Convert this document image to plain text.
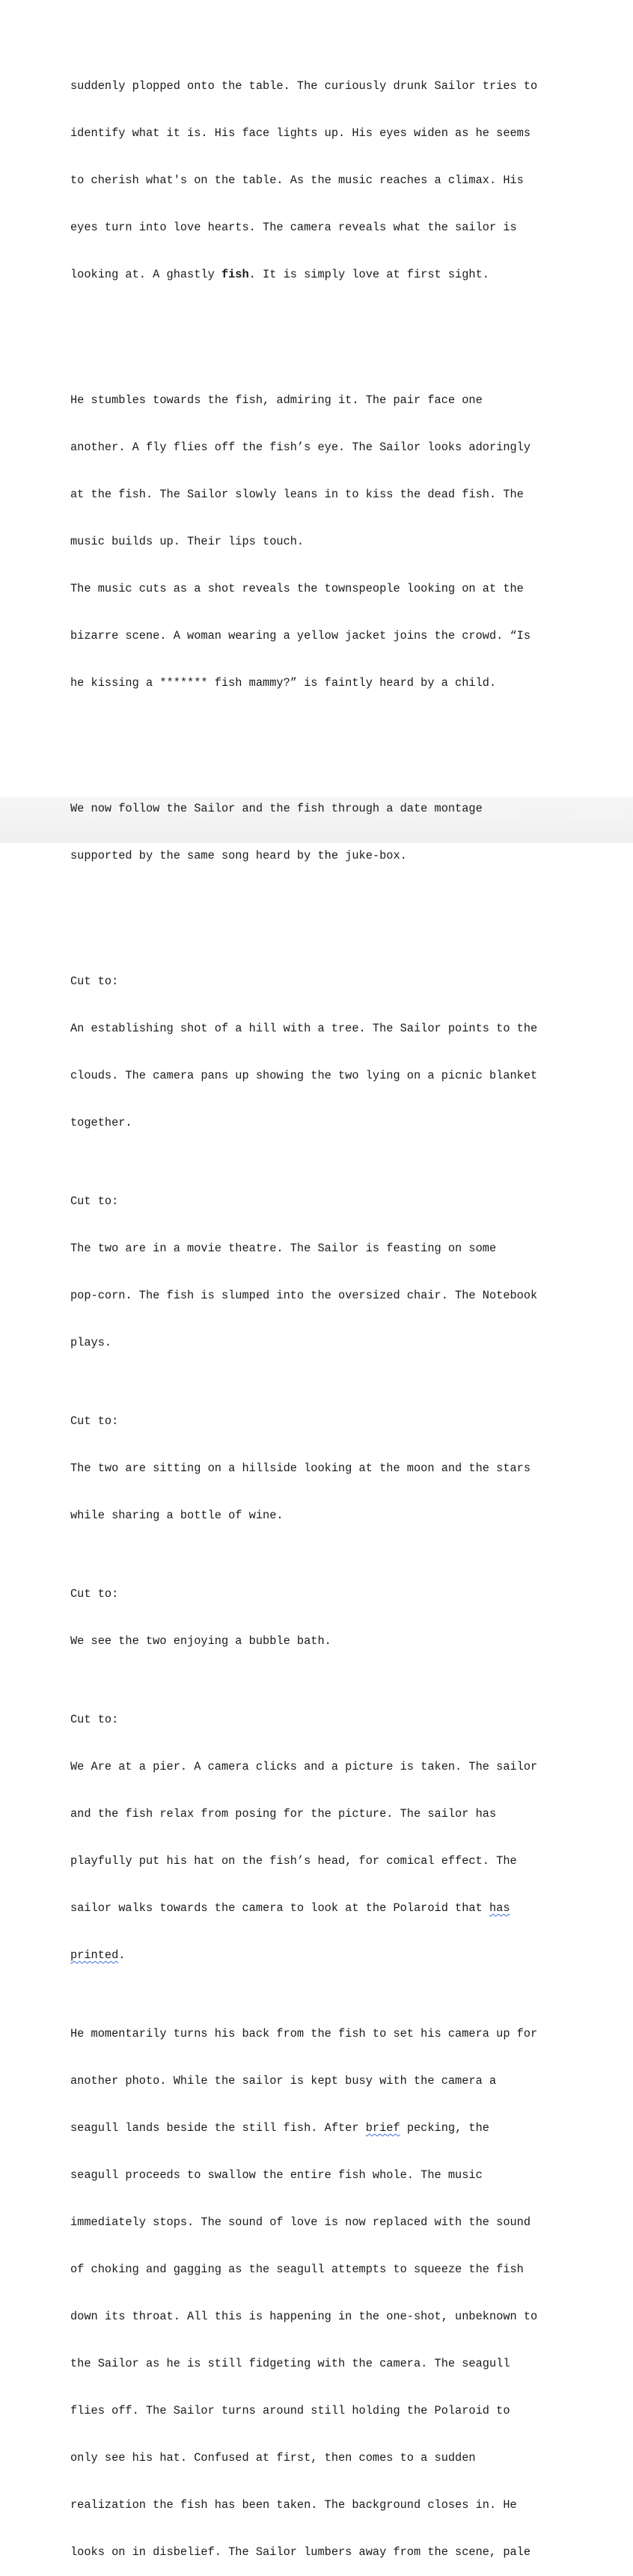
suddenly plopped onto the table. The curiously drunk Sailor tries to

identify what it is. His face lights up. His eyes widen as he seems

to cherish what's on the table. As the music reaches a climax. His

eyes turn into love hearts. The camera reveals what the sailor is

looking at. A ghastly fish. It is simply love at first sight.

He stumbles towards the fish, admiring it. The pair face one

another. A fly flies off the fish’s eye. The Sailor looks adoringly

at the fish. The Sailor slowly leans in to kiss the dead fish. The

music builds up. Their lips touch.

The music cuts as a shot reveals the townspeople looking on at the

bizarre scene. A woman wearing a yellow jacket joins the crowd. “Is

he kissing a ******* fish mammy?” is faintly heard by a child.

We now follow the Sailor and the fish through a date montage

supported by the same song heard by the juke-box.

Cut to:

An establishing shot of a hill with a tree. The Sailor points to the

clouds. The camera pans up showing the two lying on a picnic blanket

together.

Cut to:

The two are in a movie theatre. The Sailor is feasting on some

pop-corn. The fish is slumped into the oversized chair. The Notebook

plays.

Cut to:

The two are sitting on a hillside looking at the moon and the stars

while sharing a bottle of wine.

Cut to:

We see the two enjoying a bubble bath.

Cut to:

We Are at a pier. A camera clicks and a picture is taken. The sailor

and the fish relax from posing for the picture. The sailor has

playfully put his hat on the fish’s head, for comical effect. The

sailor walks towards the camera to look at the Polaroid that has

printed.

He momentarily turns his back from the fish to set his camera up for

another photo. While the sailor is kept busy with the camera a

seagull lands beside the still fish. After brief pecking, the

seagull proceeds to swallow the entire fish whole. The music

immediately stops. The sound of love is now replaced with the sound

of choking and gagging as the seagull attempts to squeeze the fish

down its throat. All this is happening in the one-shot, unbeknown to

the Sailor as he is still fidgeting with the camera. The seagull

flies off. The Sailor turns around still holding the Polaroid to

only see his hat. Confused at first, then comes to a sudden

realization the fish has been taken. The background closes in. He

looks on in disbelief. The Sailor lumbers away from the scene, pale
